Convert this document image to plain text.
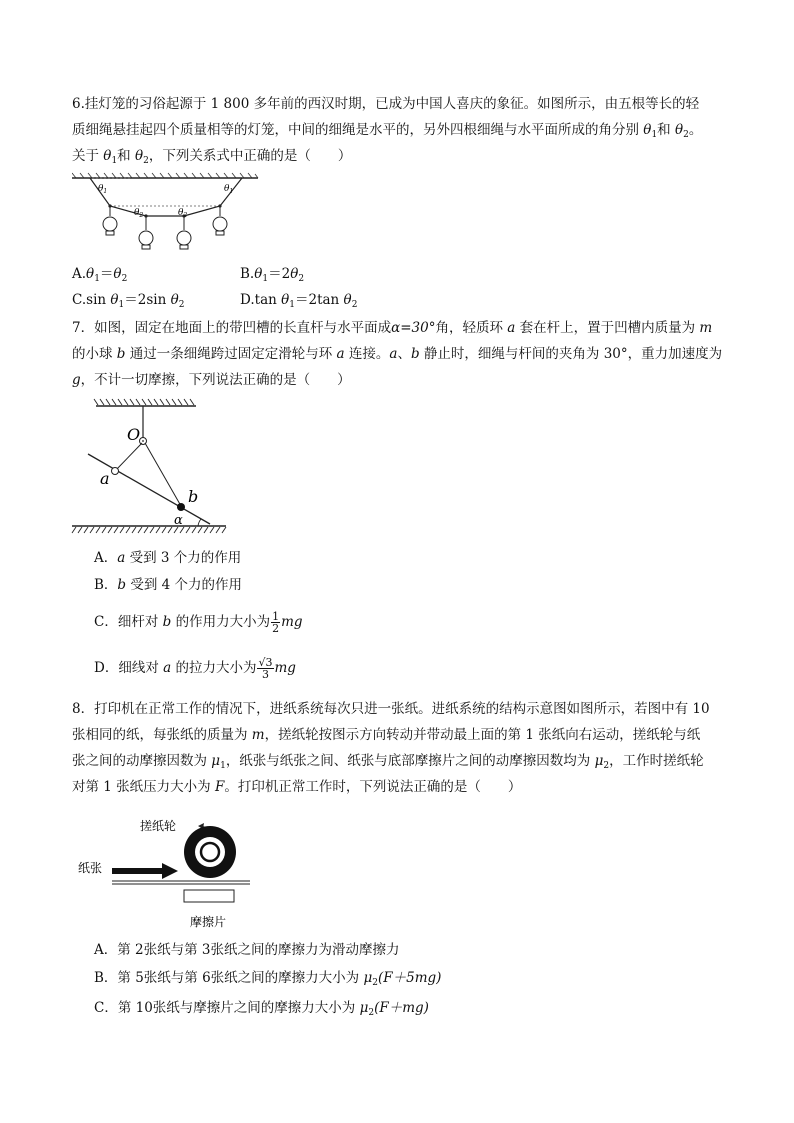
6.挂灯笼的习俗起源于 1 800 多年前的西汉时期，已成为中国人喜庆的象征。如图所示，由五根等长的轻
质细绳悬挂起四个质量相等的灯笼，中间的细绳是水平的，另外四根细绳与水平面所成的角分别 $\theta_1$和 $\theta_2$。
关于 $\theta_1$和 $\theta_2$，下列关系式中正确的是（　　）
$\theta_1$	$\theta_1$
$\theta_2$	$\theta_2$
$A.\theta_1=\theta_2$	$B.\theta_1=2\theta_2$
C.sin $\theta_1=2\sin$ $\theta_2$	D.tan $\theta_1=2\tan$ $\theta_2$
7．如图，固定在地面上的带凹槽的长直杆与水平面成α=30°角，轻质环 a 套在杆上，置于凹槽内质量为 m
的小球 b 通过一条细绳跨过固定定滑轮与环 a 连接。a、b 静止时，细绳与杆间的夹角为 30°，重力加速度为
g，不计一切摩擦，下列说法正确的是（　　）
O
a
b
α
A．a 受到 3 个力的作用
B．b 受到 4 个力的作用
C．细杆对 b 的作用力大小为 $\frac{1}{2}$ mg
D．细线对 a 的拉力大小为 $\frac{√3}{3}$ mg
8．打印机在正常工作的情况下，进纸系统每次只进一张纸。进纸系统的结构示意图如图所示，若图中有 10
张相同的纸，每张纸的质量为 m，搓纸轮按图示方向转动并带动最上面的第 1 张纸向右运动，搓纸轮与纸
张之间的动摩擦因数为 $\mu_1$，纸张与纸张之间、纸张与底部摩擦片之间的动摩擦因数均为 $\mu_2$，工作时搓纸轮
对第 1 张纸压力大小为 F。打印机正常工作时，下列说法正确的是（　　）
搓纸轮
纸张
摩擦片
A．第 2张纸与第 3张纸之间的摩擦力为滑动摩擦力
B．第 5张纸与第 6张纸之间的摩擦力大小为 $\mu_2(F+5mg)$
C．第 10张纸与摩擦片之间的摩擦力大小为 $\mu_2(F+mg)$
